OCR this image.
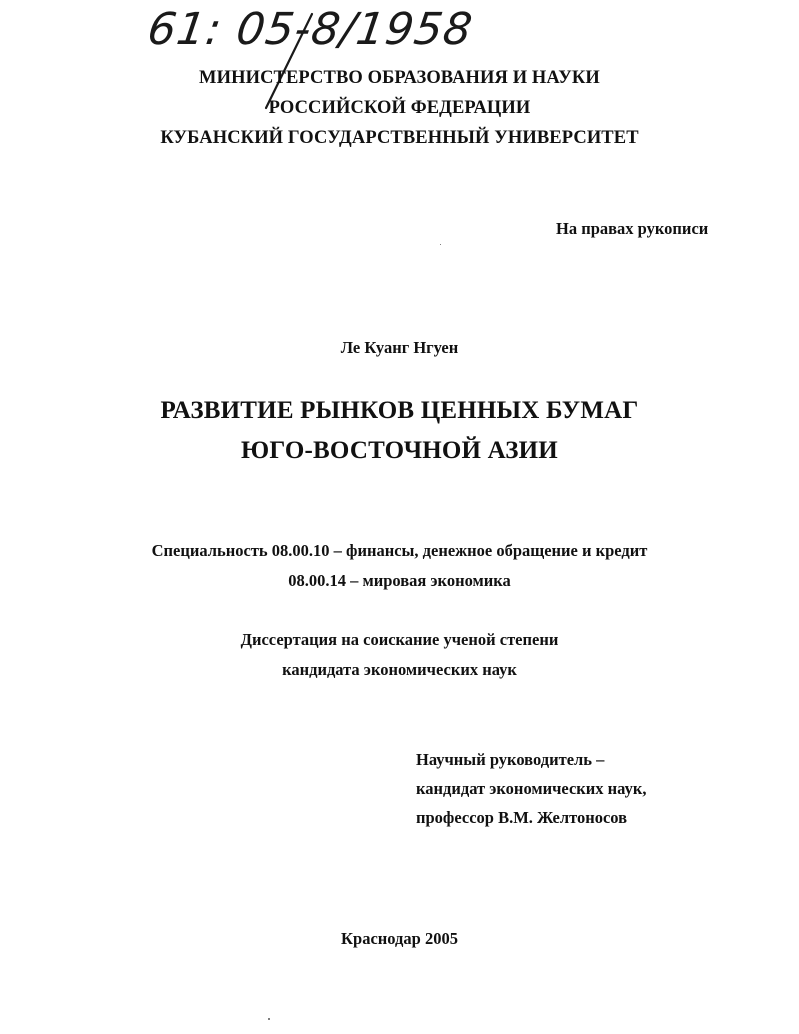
61: 05-8/1958
МИНИСТЕРСТВО ОБРАЗОВАНИЯ И НАУКИ
РОССИЙСКОЙ ФЕДЕРАЦИИ
КУБАНСКИЙ ГОСУДАРСТВЕННЫЙ УНИВЕРСИТЕТ
На правах рукописи
Ле Куанг Нгуен
РАЗВИТИЕ РЫНКОВ ЦЕННЫХ БУМАГ
ЮГО-ВОСТОЧНОЙ АЗИИ
Специальность 08.00.10 – финансы, денежное обращение и кредит
08.00.14 – мировая экономика
Диссертация на соискание ученой степени
кандидата экономических наук
Научный руководитель –
кандидат экономических наук,
профессор В.М. Желтоносов
Краснодар 2005
